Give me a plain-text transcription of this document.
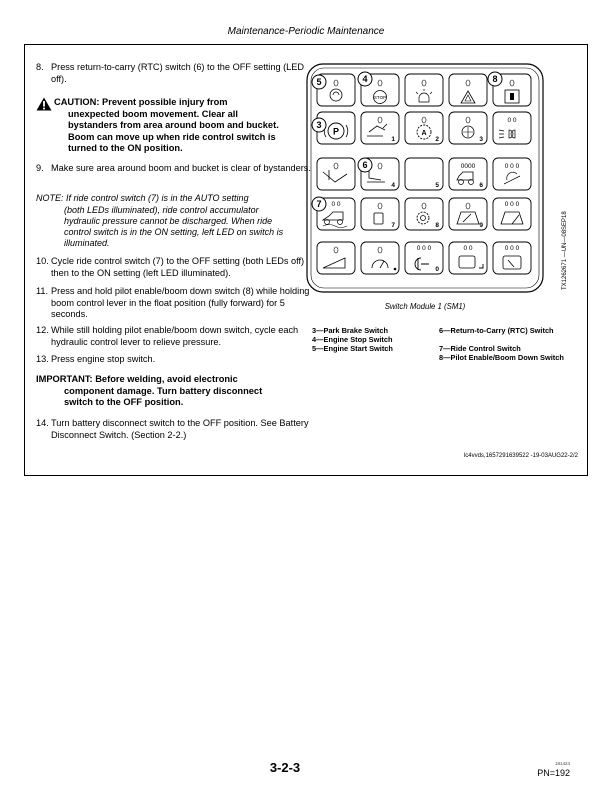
Maintenance-Periodic Maintenance
8. Press return-to-carry (RTC) switch (6) to the OFF setting (LED off).
CAUTION: Prevent possible injury from
unexpected boom movement. Clear all bystanders from area around boom and bucket. Boom can move up when ride control switch is turned to the ON position.
9. Make sure area around boom and bucket is clear of bystanders.
NOTE: If ride control switch (7) is in the AUTO setting
(both LEDs illuminated), ride control accumulator hydraulic pressure cannot be discharged. When ride control switch is in the ON setting, left LED on switch is illuminated.
10. Cycle ride control switch (7) to the OFF setting (both LEDs off) then to the ON setting (left LED illuminated).
11. Press and hold pilot enable/boom down switch (8) while holding boom control lever in the float position (fully forward) for 5 seconds.
12. While still holding pilot enable/boom down switch, cycle each hydraulic control lever to relieve pressure.
13. Press engine stop switch.
IMPORTANT: Before welding, avoid electronic
component damage. Turn battery disconnect switch to the OFF position.
14. Turn battery disconnect switch to the OFF position. See Battery Disconnect Switch. (Section 2-2.)
STOP
P
1
A
2	3
0 0
4	5
0000
6
0 0 0
0 0
7	8	9
0 0 0
0 0 0
0
0 0	0 0 0
5	4	8
3
6
7
TX1262671 —UN—08SEP18
Switch Module 1 (SM1)
3—Park Brake Switch
4—Engine Stop Switch
5—Engine Start Switch
6—Return-to-Carry (RTC) Switch
7—Ride Control Switch
8—Pilot Enable/Boom Down Switch
lc4vvds,1657291639522 -19-03AUG22-2/2
3-2-3	181424
PN=192
